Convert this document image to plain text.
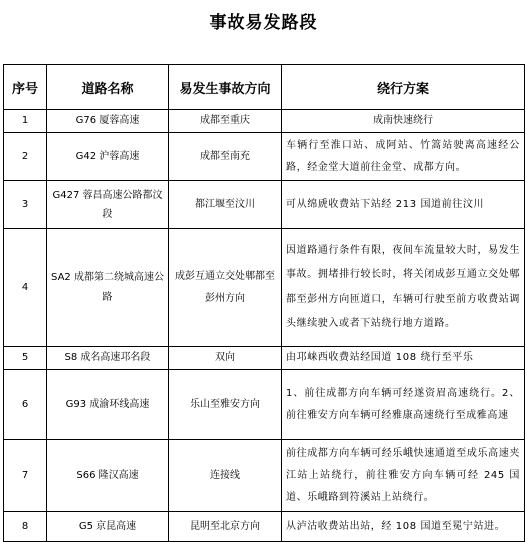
事故易发路段
序号	道路名称	易发生事故方向	绕行方案
1	G76 厦蓉高速	成都至重庆	成南快速绕行
2	G42 沪蓉高速	成都至南充	车辆行至淮口站、成阿站、竹篙站驶离高速经公路，经金堂大道前往金堂、成都方向。
3	G427 蓉昌高速公路都汶段	都江堰至汶川	可从绵虒收费站下站经 213 国道前往汶川
4	SA2 成都第二绕城高速公路	成彭互通立交处郫都至彭州方向	因道路通行条件有限，夜间车流量较大时，易发生事故。拥堵排行较长时，将关闭成彭互通立交处郫都至彭州方向匝道口，车辆可行驶至前方收费站调头继续驶入或者下站绕行地方道路。
5	S8 成名高速邛名段	双向	由邛崃西收费站经国道 108 绕行至平乐
6	G93 成渝环线高速	乐山至雅安方向	1、前往成都方向车辆可经遂资眉高速绕行。2、前往雅安方向车辆可经雅康高速绕行至成雅高速
7	S66 隆汉高速	连接线	前往成都方向车辆可经乐峨快速通道至成乐高速夹江站上站绕行，前往雅安方向车辆可经 245 国道、乐峨路到符溪站上站绕行。
8	G5 京昆高速	昆明至北京方向	从泸沽收费站出站，经 108 国道至冕宁站进。
